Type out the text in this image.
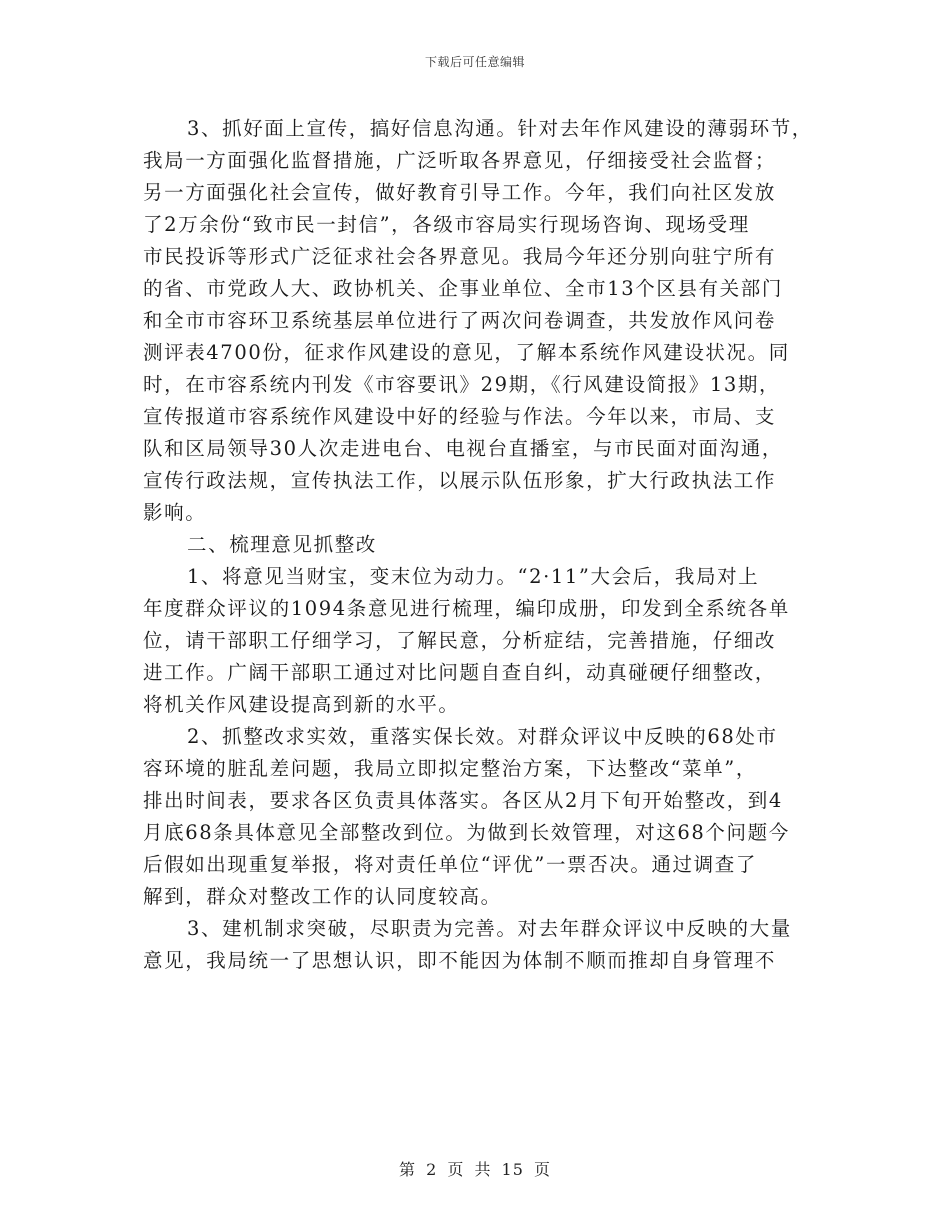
下载后可任意编辑
3、抓好面上宣传，搞好信息沟通。针对去年作风建设的薄弱环节，
我局一方面强化监督措施，广泛听取各界意见，仔细接受社会监督；
另一方面强化社会宣传，做好教育引导工作。今年，我们向社区发放
了2万余份“致市民一封信”，各级市容局实行现场咨询、现场受理
市民投诉等形式广泛征求社会各界意见。我局今年还分别向驻宁所有
的省、市党政人大、政协机关、企事业单位、全市13个区县有关部门
和全市市容环卫系统基层单位进行了两次问卷调查，共发放作风问卷
测评表4700份，征求作风建设的意见，了解本系统作风建设状况。同
时，在市容系统内刊发《市容要讯》29期，《行风建设简报》13期，
宣传报道市容系统作风建设中好的经验与作法。今年以来，市局、支
队和区局领导30人次走进电台、电视台直播室，与市民面对面沟通，
宣传行政法规，宣传执法工作，以展示队伍形象，扩大行政执法工作
影响。
二、梳理意见抓整改
1、将意见当财宝，变末位为动力。“2·11”大会后，我局对上
年度群众评议的1094条意见进行梳理，编印成册，印发到全系统各单
位，请干部职工仔细学习，了解民意，分析症结，完善措施，仔细改
进工作。广阔干部职工通过对比问题自查自纠，动真碰硬仔细整改，
将机关作风建设提高到新的水平。
2、抓整改求实效，重落实保长效。对群众评议中反映的68处市
容环境的脏乱差问题，我局立即拟定整治方案，下达整改“菜单”，
排出时间表，要求各区负责具体落实。各区从2月下旬开始整改，到4
月底68条具体意见全部整改到位。为做到长效管理，对这68个问题今
后假如出现重复举报，将对责任单位“评优”一票否决。通过调查了
解到，群众对整改工作的认同度较高。
3、建机制求突破，尽职责为完善。对去年群众评议中反映的大量
意见，我局统一了思想认识，即不能因为体制不顺而推却自身管理不
第 2 页 共 15 页
